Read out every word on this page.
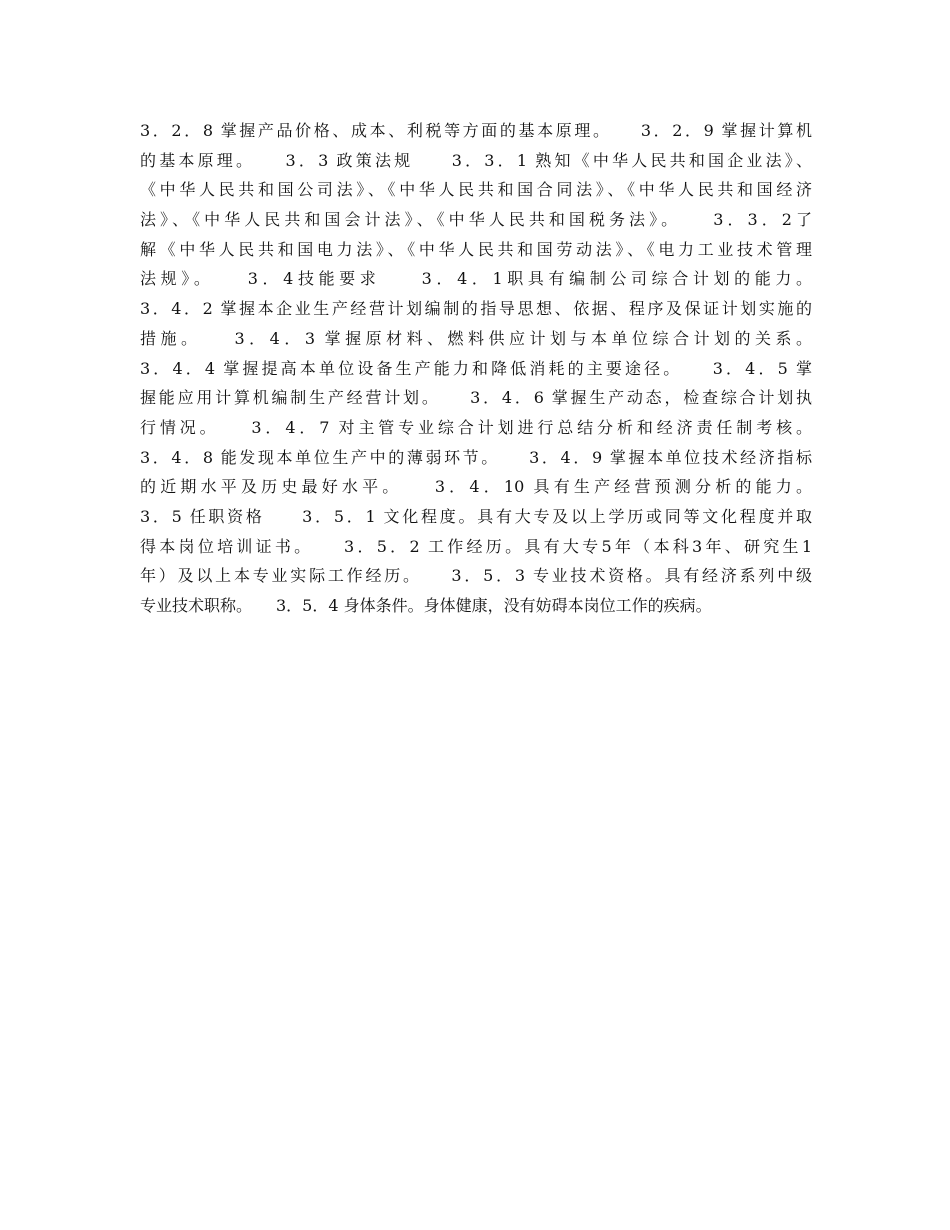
3．2．8 掌握产品价格、成本、利税等方面的基本原理。　　3．2．9 掌握计算机
的基本原理。　　3．3 政策法规　　3．3．1 熟知《中华人民共和国企业法》、
《中华人民共和国公司法》、《中华人民共和国合同法》、《中华人民共和国经济
法》、《中华人民共和国会计法》、《中华人民共和国税务法》。　　3．3．2了
解《中华人民共和国电力法》、《中华人民共和国劳动法》、《电力工业技术管理
法规》。　　3．4技能要求　　3．4．1职具有编制公司综合计划的能力。
3．4．2 掌握本企业生产经营计划编制的指导思想、依据、程序及保证计划实施的
措施。　　3．4．3 掌握原材料、燃料供应计划与本单位综合计划的关系。
3．4．4 掌握提高本单位设备生产能力和降低消耗的主要途径。　　3．4．5 掌
握能应用计算机编制生产经营计划。　　3．4．6 掌握生产动态，检查综合计划执
行情况。　　3．4．7 对主管专业综合计划进行总结分析和经济责任制考核。
3．4．8 能发现本单位生产中的薄弱环节。　　3．4．9 掌握本单位技术经济指标
的近期水平及历史最好水平。　　3．4．10 具有生产经营预测分析的能力。
3．5 任职资格　　3．5．1 文化程度。具有大专及以上学历或同等文化程度并取
得本岗位培训证书。　　3．5．2 工作经历。具有大专5年（本科3年、研究生1
年）及以上本专业实际工作经历。　　3．5．3 专业技术资格。具有经济系列中级
专业技术职称。　　3．5．4 身体条件。身体健康，没有妨碍本岗位工作的疾病。
